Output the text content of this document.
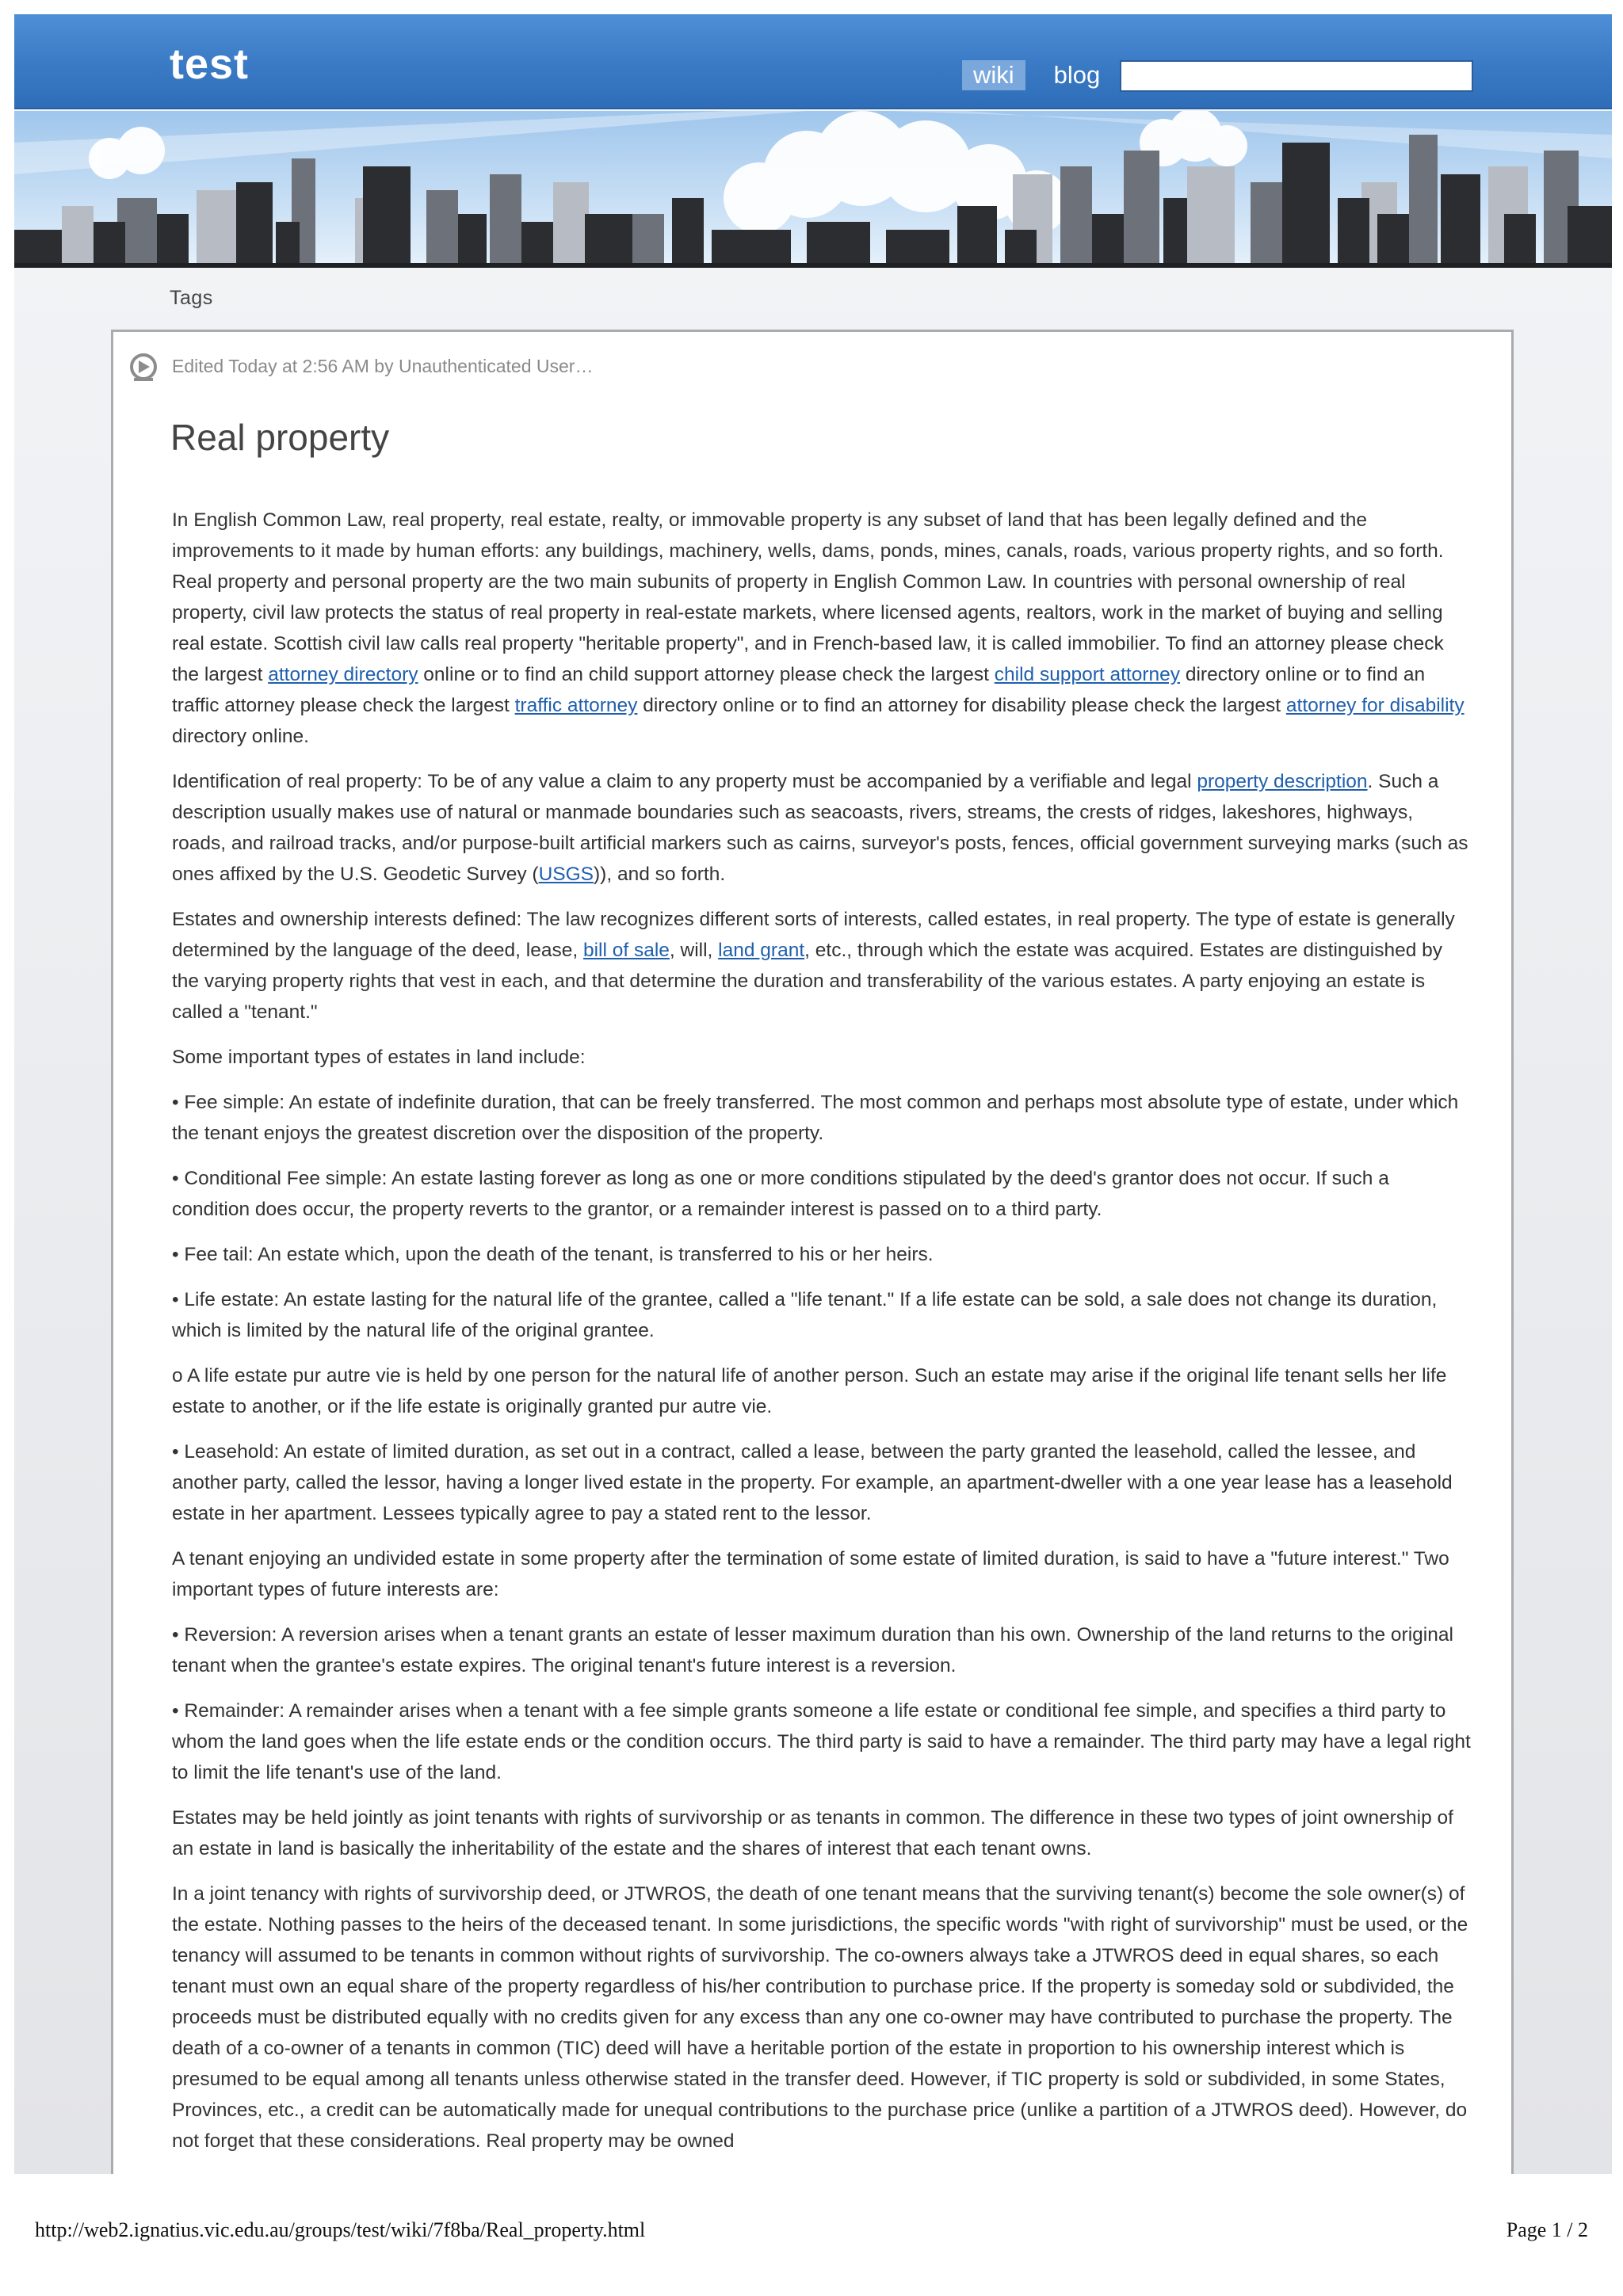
test	wiki	blog
Tags
Edited Today at 2:56 AM by Unauthenticated User…
Real property

In English Common Law, real property, real estate, realty, or immovable property is any subset of land that has been legally defined and the improvements to it made by human efforts: any buildings, machinery, wells, dams, ponds, mines, canals, roads, various property rights, and so forth. Real property and personal property are the two main subunits of property in English Common Law. In countries with personal ownership of real property, civil law protects the status of real property in real-estate markets, where licensed agents, realtors, work in the market of buying and selling real estate. Scottish civil law calls real property "heritable property", and in French-based law, it is called immobilier. To find an attorney please check the largest attorney directory online or to find an child support attorney please check the largest child support attorney directory online or to find an traffic attorney please check the largest traffic attorney directory online or to find an attorney for disability please check the largest attorney for disability directory online.

Identification of real property: To be of any value a claim to any property must be accompanied by a verifiable and legal property description. Such a description usually makes use of natural or manmade boundaries such as seacoasts, rivers, streams, the crests of ridges, lakeshores, highways, roads, and railroad tracks, and/or purpose-built artificial markers such as cairns, surveyor's posts, fences, official government surveying marks (such as ones affixed by the U.S. Geodetic Survey (USGS)), and so forth.

Estates and ownership interests defined: The law recognizes different sorts of interests, called estates, in real property. The type of estate is generally determined by the language of the deed, lease, bill of sale, will, land grant, etc., through which the estate was acquired. Estates are distinguished by the varying property rights that vest in each, and that determine the duration and transferability of the various estates. A party enjoying an estate is called a "tenant."

Some important types of estates in land include:

• Fee simple: An estate of indefinite duration, that can be freely transferred. The most common and perhaps most absolute type of estate, under which the tenant enjoys the greatest discretion over the disposition of the property.

• Conditional Fee simple: An estate lasting forever as long as one or more conditions stipulated by the deed's grantor does not occur. If such a condition does occur, the property reverts to the grantor, or a remainder interest is passed on to a third party.

• Fee tail: An estate which, upon the death of the tenant, is transferred to his or her heirs.

• Life estate: An estate lasting for the natural life of the grantee, called a "life tenant." If a life estate can be sold, a sale does not change its duration, which is limited by the natural life of the original grantee.

o A life estate pur autre vie is held by one person for the natural life of another person. Such an estate may arise if the original life tenant sells her life estate to another, or if the life estate is originally granted pur autre vie.

• Leasehold: An estate of limited duration, as set out in a contract, called a lease, between the party granted the leasehold, called the lessee, and another party, called the lessor, having a longer lived estate in the property. For example, an apartment-dweller with a one year lease has a leasehold estate in her apartment. Lessees typically agree to pay a stated rent to the lessor.

A tenant enjoying an undivided estate in some property after the termination of some estate of limited duration, is said to have a "future interest." Two important types of future interests are:

• Reversion: A reversion arises when a tenant grants an estate of lesser maximum duration than his own. Ownership of the land returns to the original tenant when the grantee's estate expires. The original tenant's future interest is a reversion.

• Remainder: A remainder arises when a tenant with a fee simple grants someone a life estate or conditional fee simple, and specifies a third party to whom the land goes when the life estate ends or the condition occurs. The third party is said to have a remainder. The third party may have a legal right to limit the life tenant's use of the land.

Estates may be held jointly as joint tenants with rights of survivorship or as tenants in common. The difference in these two types of joint ownership of an estate in land is basically the inheritability of the estate and the shares of interest that each tenant owns.

In a joint tenancy with rights of survivorship deed, or JTWROS, the death of one tenant means that the surviving tenant(s) become the sole owner(s) of the estate. Nothing passes to the heirs of the deceased tenant. In some jurisdictions, the specific words "with right of survivorship" must be used, or the tenancy will assumed to be tenants in common without rights of survivorship. The co-owners always take a JTWROS deed in equal shares, so each tenant must own an equal share of the property regardless of his/her contribution to purchase price. If the property is someday sold or subdivided, the proceeds must be distributed equally with no credits given for any excess than any one co-owner may have contributed to purchase the property. The death of a co-owner of a tenants in common (TIC) deed will have a heritable portion of the estate in proportion to his ownership interest which is presumed to be equal among all tenants unless otherwise stated in the transfer deed. However, if TIC property is sold or subdivided, in some States, Provinces, etc., a credit can be automatically made for unequal contributions to the purchase price (unlike a partition of a JTWROS deed). However, do not forget that these considerations. Real property may be owned

http://web2.ignatius.vic.edu.au/groups/test/wiki/7f8ba/Real_property.html	Page 1 / 2
